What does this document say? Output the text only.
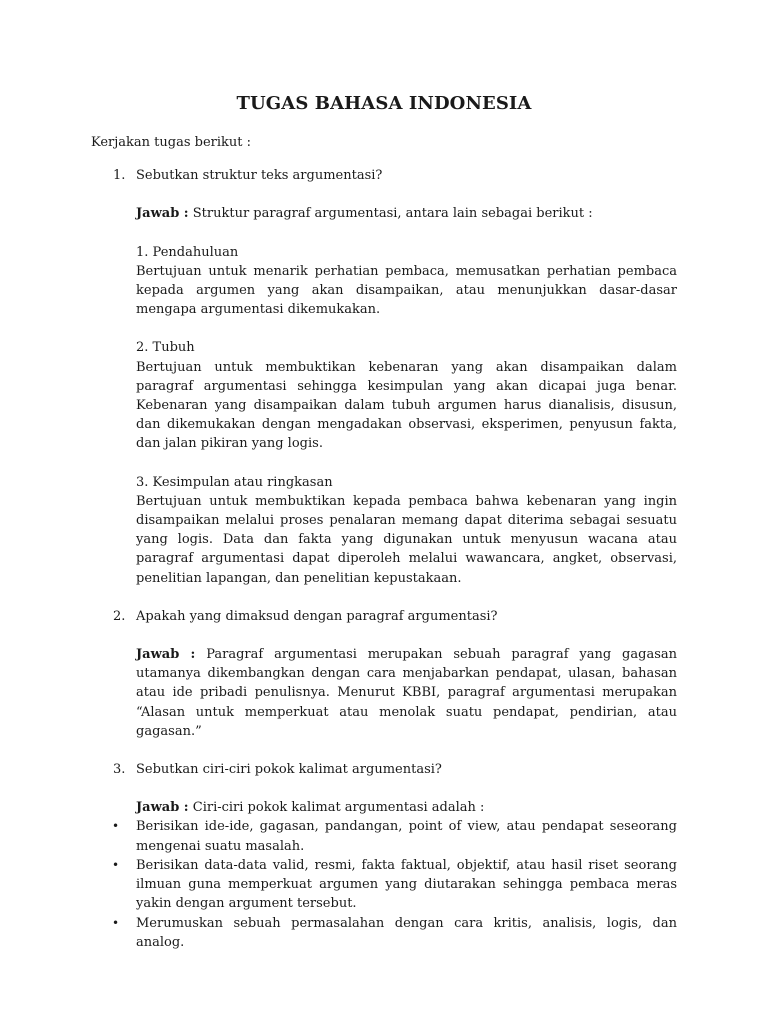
TUGAS BAHASA INDONESIA

Kerjakan tugas berikut :

1. Sebutkan struktur teks argumentasi?

Jawab : Struktur paragraf argumentasi, antara lain sebagai berikut :

1. Pendahuluan

Bertujuan untuk menarik perhatian pembaca, memusatkan perhatian pembaca kepada argumen yang akan disampaikan, atau menunjukkan dasar-dasar mengapa argumentasi dikemukakan.

2. Tubuh

Bertujuan untuk membuktikan kebenaran yang akan disampaikan dalam paragraf argumentasi sehingga kesimpulan yang akan dicapai juga benar. Kebenaran yang disampaikan dalam tubuh argumen harus dianalisis, disusun, dan dikemukakan dengan mengadakan observasi, eksperimen, penyusun fakta, dan jalan pikiran yang logis.

3. Kesimpulan atau ringkasan

Bertujuan untuk membuktikan kepada pembaca bahwa kebenaran yang ingin disampaikan melalui proses penalaran memang dapat diterima sebagai sesuatu yang logis. Data dan fakta yang digunakan untuk menyusun wacana atau paragraf argumentasi dapat diperoleh melalui wawancara, angket, observasi, penelitian lapangan, dan penelitian kepustakaan.

2. Apakah yang dimaksud dengan paragraf argumentasi?

Jawab : Paragraf argumentasi merupakan sebuah paragraf yang gagasan utamanya dikembangkan dengan cara menjabarkan pendapat, ulasan, bahasan atau ide pribadi penulisnya. Menurut KBBI, paragraf argumentasi merupakan “Alasan untuk memperkuat atau menolak suatu pendapat, pendirian, atau gagasan.”

3. Sebutkan ciri-ciri pokok kalimat argumentasi?

Jawab : Ciri-ciri pokok kalimat argumentasi adalah :

• Berisikan ide-ide, gagasan, pandangan, point of view, atau pendapat seseorang mengenai suatu masalah.
• Berisikan data-data valid, resmi, fakta faktual, objektif, atau hasil riset seorang ilmuan guna memperkuat argumen yang diutarakan sehingga pembaca meras yakin dengan argument tersebut.
• Merumuskan sebuah permasalahan dengan cara kritis, analisis, logis, dan analog.
